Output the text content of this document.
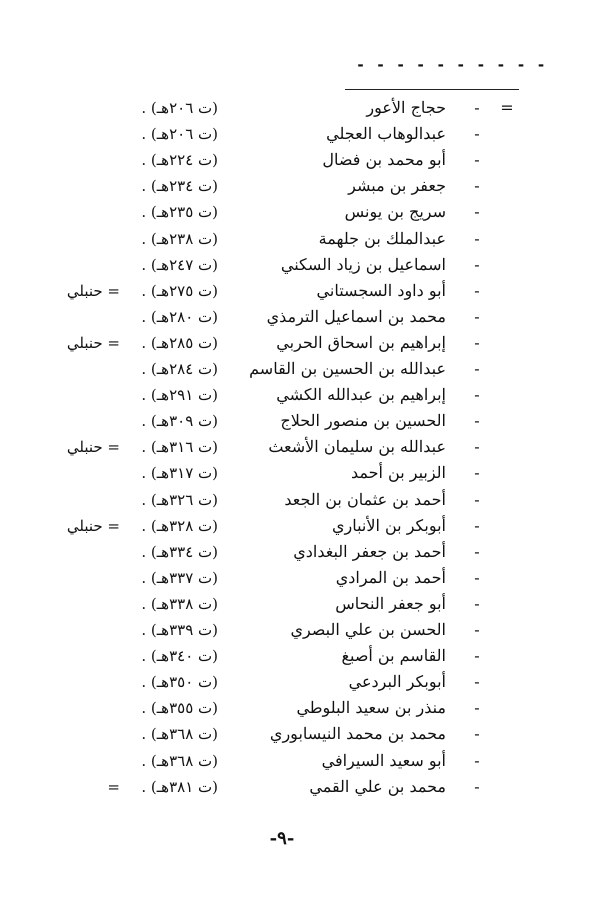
- - - - - - - - - -
=
-
حجاج الأعور
(ت ٢٠٦هـ) .
-
عبدالوهاب العجلي
(ت ٢٠٦هـ) .
-
أبو محمد بن فضال
(ت ٢٢٤هـ) .
-
جعفر بن مبشر
(ت ٢٣٤هـ) .
-
سريج بن يونس
(ت ٢٣٥هـ) .
-
عبدالملك بن جلهمة
(ت ٢٣٨هـ) .
-
اسماعيل بن زياد السكني
(ت ٢٤٧هـ) .
-
أبو داود السجستاني
(ت ٢٧٥هـ) .
= حنبلي
-
محمد بن اسماعيل الترمذي
(ت ٢٨٠هـ) .
-
إبراهيم بن اسحاق الحربي
(ت ٢٨٥هـ) .
= حنبلي
-
عبدالله بن الحسين بن القاسم
(ت ٢٨٤هـ) .
-
إبراهيم بن عبدالله الكشي
(ت ٢٩١هـ) .
-
الحسين بن منصور الحلاج
(ت ٣٠٩هـ) .
-
عبدالله بن سليمان الأشعث
(ت ٣١٦هـ) .
= حنبلي
-
الزبير بن أحمد
(ت ٣١٧هـ) .
-
أحمد بن عثمان بن الجعد
(ت ٣٢٦هـ) .
-
أبوبكر بن الأنباري
(ت ٣٢٨هـ) .
= حنبلي
-
أحمد بن جعفر البغدادي
(ت ٣٣٤هـ) .
-
أحمد بن المرادي
(ت ٣٣٧هـ) .
-
أبو جعفر النحاس
(ت ٣٣٨هـ) .
-
الحسن بن علي البصري
(ت ٣٣٩هـ) .
-
القاسم بن أصبغ
(ت ٣٤٠هـ) .
-
أبوبكر البردعي
(ت ٣٥٠هـ) .
-
منذر بن سعيد البلوطي
(ت ٣٥٥هـ) .
-
محمد بن محمد النيسابوري
(ت ٣٦٨هـ) .
-
أبو سعيد السيرافي
(ت ٣٦٨هـ) .
-
محمد بن علي القمي
(ت ٣٨١هـ) .
=
-٩-
